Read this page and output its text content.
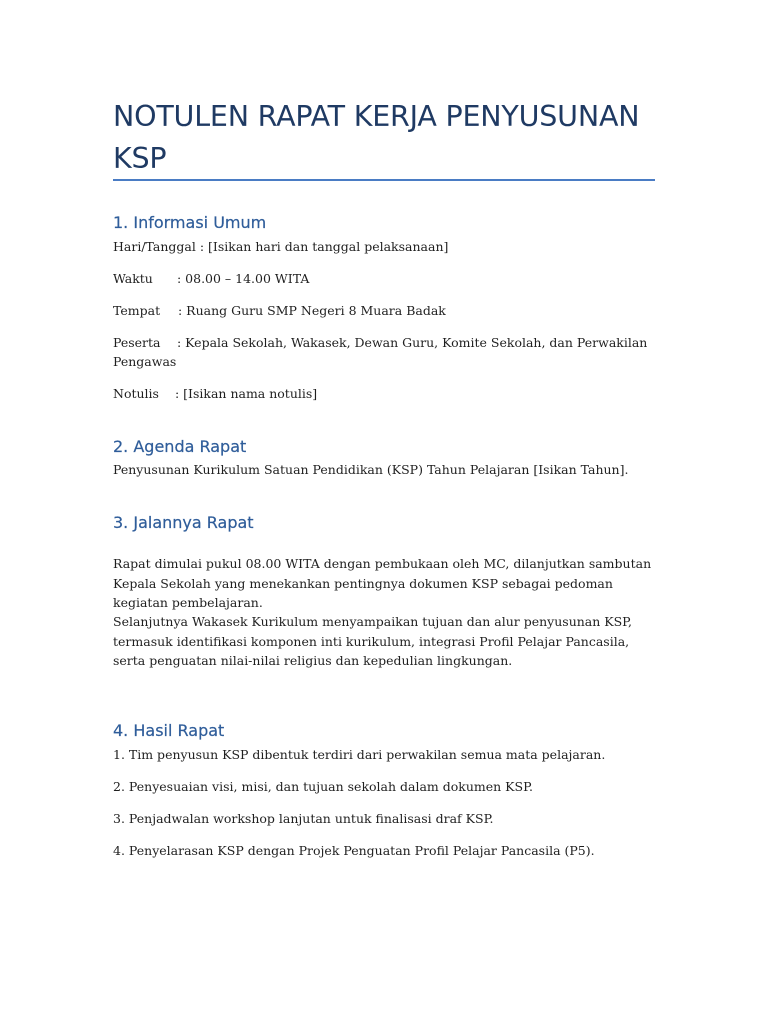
NOTULEN RAPAT KERJA PENYUSUNAN KSP
1. Informasi Umum

Hari/Tanggal : [Isikan hari dan tanggal pelaksanaan]

Waktu : 08.00 – 14.00 WITA

Tempat : Ruang Guru SMP Negeri 8 Muara Badak

Peserta : Kepala Sekolah, Wakasek, Dewan Guru, Komite Sekolah, dan Perwakilan

Pengawas

Notulis : [Isikan nama notulis]

2. Agenda Rapat

Penyusunan Kurikulum Satuan Pendidikan (KSP) Tahun Pelajaran [Isikan Tahun].

3. Jalannya Rapat

Rapat dimulai pukul 08.00 WITA dengan pembukaan oleh MC, dilanjutkan sambutan Kepala Sekolah yang menekankan pentingnya dokumen KSP sebagai pedoman kegiatan pembelajaran.

Selanjutnya Wakasek Kurikulum menyampaikan tujuan dan alur penyusunan KSP, termasuk identifikasi komponen inti kurikulum, integrasi Profil Pelajar Pancasila, serta penguatan nilai-nilai religius dan kepedulian lingkungan.

4. Hasil Rapat

1. Tim penyusun KSP dibentuk terdiri dari perwakilan semua mata pelajaran.

2. Penyesuaian visi, misi, dan tujuan sekolah dalam dokumen KSP.

3. Penjadwalan workshop lanjutan untuk finalisasi draf KSP.

4. Penyelarasan KSP dengan Projek Penguatan Profil Pelajar Pancasila (P5).
